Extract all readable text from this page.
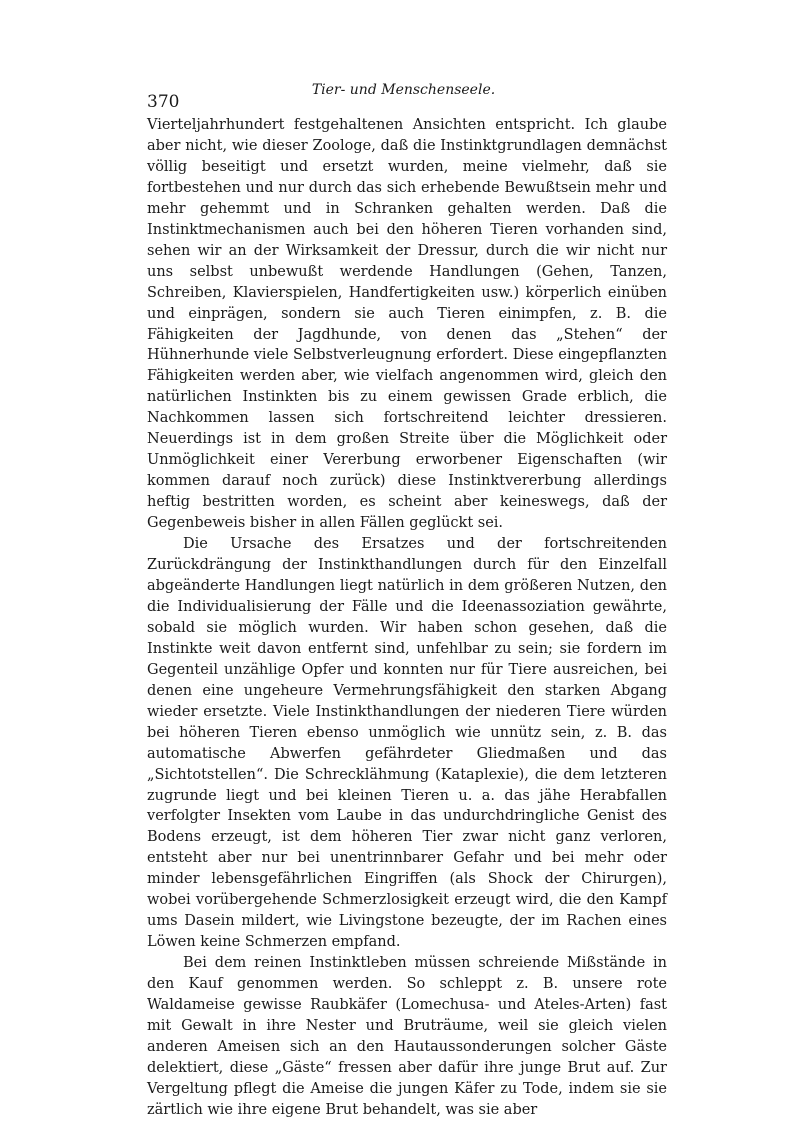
370
Tier- und Menschenseele.

Vierteljahrhundert festgehaltenen Ansichten entspricht. Ich glaube aber nicht, wie dieser Zoologe, daß die Instinktgrundlagen demnächst völlig beseitigt und ersetzt wurden, meine vielmehr, daß sie fortbestehen und nur durch das sich erhebende Bewußtsein mehr und mehr gehemmt und in Schranken gehalten werden. Daß die Instinktmechanismen auch bei den höheren Tieren vorhanden sind, sehen wir an der Wirksamkeit der Dressur, durch die wir nicht nur uns selbst unbewußt werdende Handlungen (Gehen, Tanzen, Schreiben, Klavierspielen, Handfertigkeiten usw.) körperlich einüben und einprägen, sondern sie auch Tieren einimpfen, z. B. die Fähigkeiten der Jagdhunde, von denen das „Stehen“ der Hühnerhunde viele Selbstverleugnung erfordert. Diese eingepflanzten Fähigkeiten werden aber, wie vielfach angenommen wird, gleich den natürlichen Instinkten bis zu einem gewissen Grade erblich, die Nachkommen lassen sich fortschreitend leichter dressieren. Neuerdings ist in dem großen Streite über die Möglichkeit oder Unmöglichkeit einer Vererbung erworbener Eigenschaften (wir kommen darauf noch zurück) diese Instinktvererbung allerdings heftig bestritten worden, es scheint aber keineswegs, daß der Gegenbeweis bisher in allen Fällen geglückt sei.

Die Ursache des Ersatzes und der fortschreitenden Zurückdrängung der Instinkthandlungen durch für den Einzelfall abgeänderte Handlungen liegt natürlich in dem größeren Nutzen, den die Individualisierung der Fälle und die Ideenassoziation gewährte, sobald sie möglich wurden. Wir haben schon gesehen, daß die Instinkte weit davon entfernt sind, unfehlbar zu sein; sie fordern im Gegenteil unzählige Opfer und konnten nur für Tiere ausreichen, bei denen eine ungeheure Vermehrungsfähigkeit den starken Abgang wieder ersetzte. Viele Instinkthandlungen der niederen Tiere würden bei höheren Tieren ebenso unmöglich wie unnütz sein, z. B. das automatische Abwerfen gefährdeter Gliedmaßen und das „Sichtotstellen“. Die Schrecklähmung (Kataplexie), die dem letzteren zugrunde liegt und bei kleinen Tieren u. a. das jähe Herabfallen verfolgter Insekten vom Laube in das undurchdringliche Genist des Bodens erzeugt, ist dem höheren Tier zwar nicht ganz verloren, entsteht aber nur bei unentrinnbarer Gefahr und bei mehr oder minder lebensgefährlichen Eingriffen (als Shock der Chirurgen), wobei vorübergehende Schmerzlosigkeit erzeugt wird, die den Kampf ums Dasein mildert, wie Livingstone bezeugte, der im Rachen eines Löwen keine Schmerzen empfand.

Bei dem reinen Instinktleben müssen schreiende Mißstände in den Kauf genommen werden. So schleppt z. B. unsere rote Waldameise gewisse Raubkäfer (Lomechusa- und Ateles-Arten) fast mit Gewalt in ihre Nester und Bruträume, weil sie gleich vielen anderen Ameisen sich an den Hautaussonderungen solcher Gäste delektiert, diese „Gäste“ fressen aber dafür ihre junge Brut auf. Zur Vergeltung pflegt die Ameise die jungen Käfer zu Tode, indem sie sie zärtlich wie ihre eigene Brut behandelt, was sie aber
